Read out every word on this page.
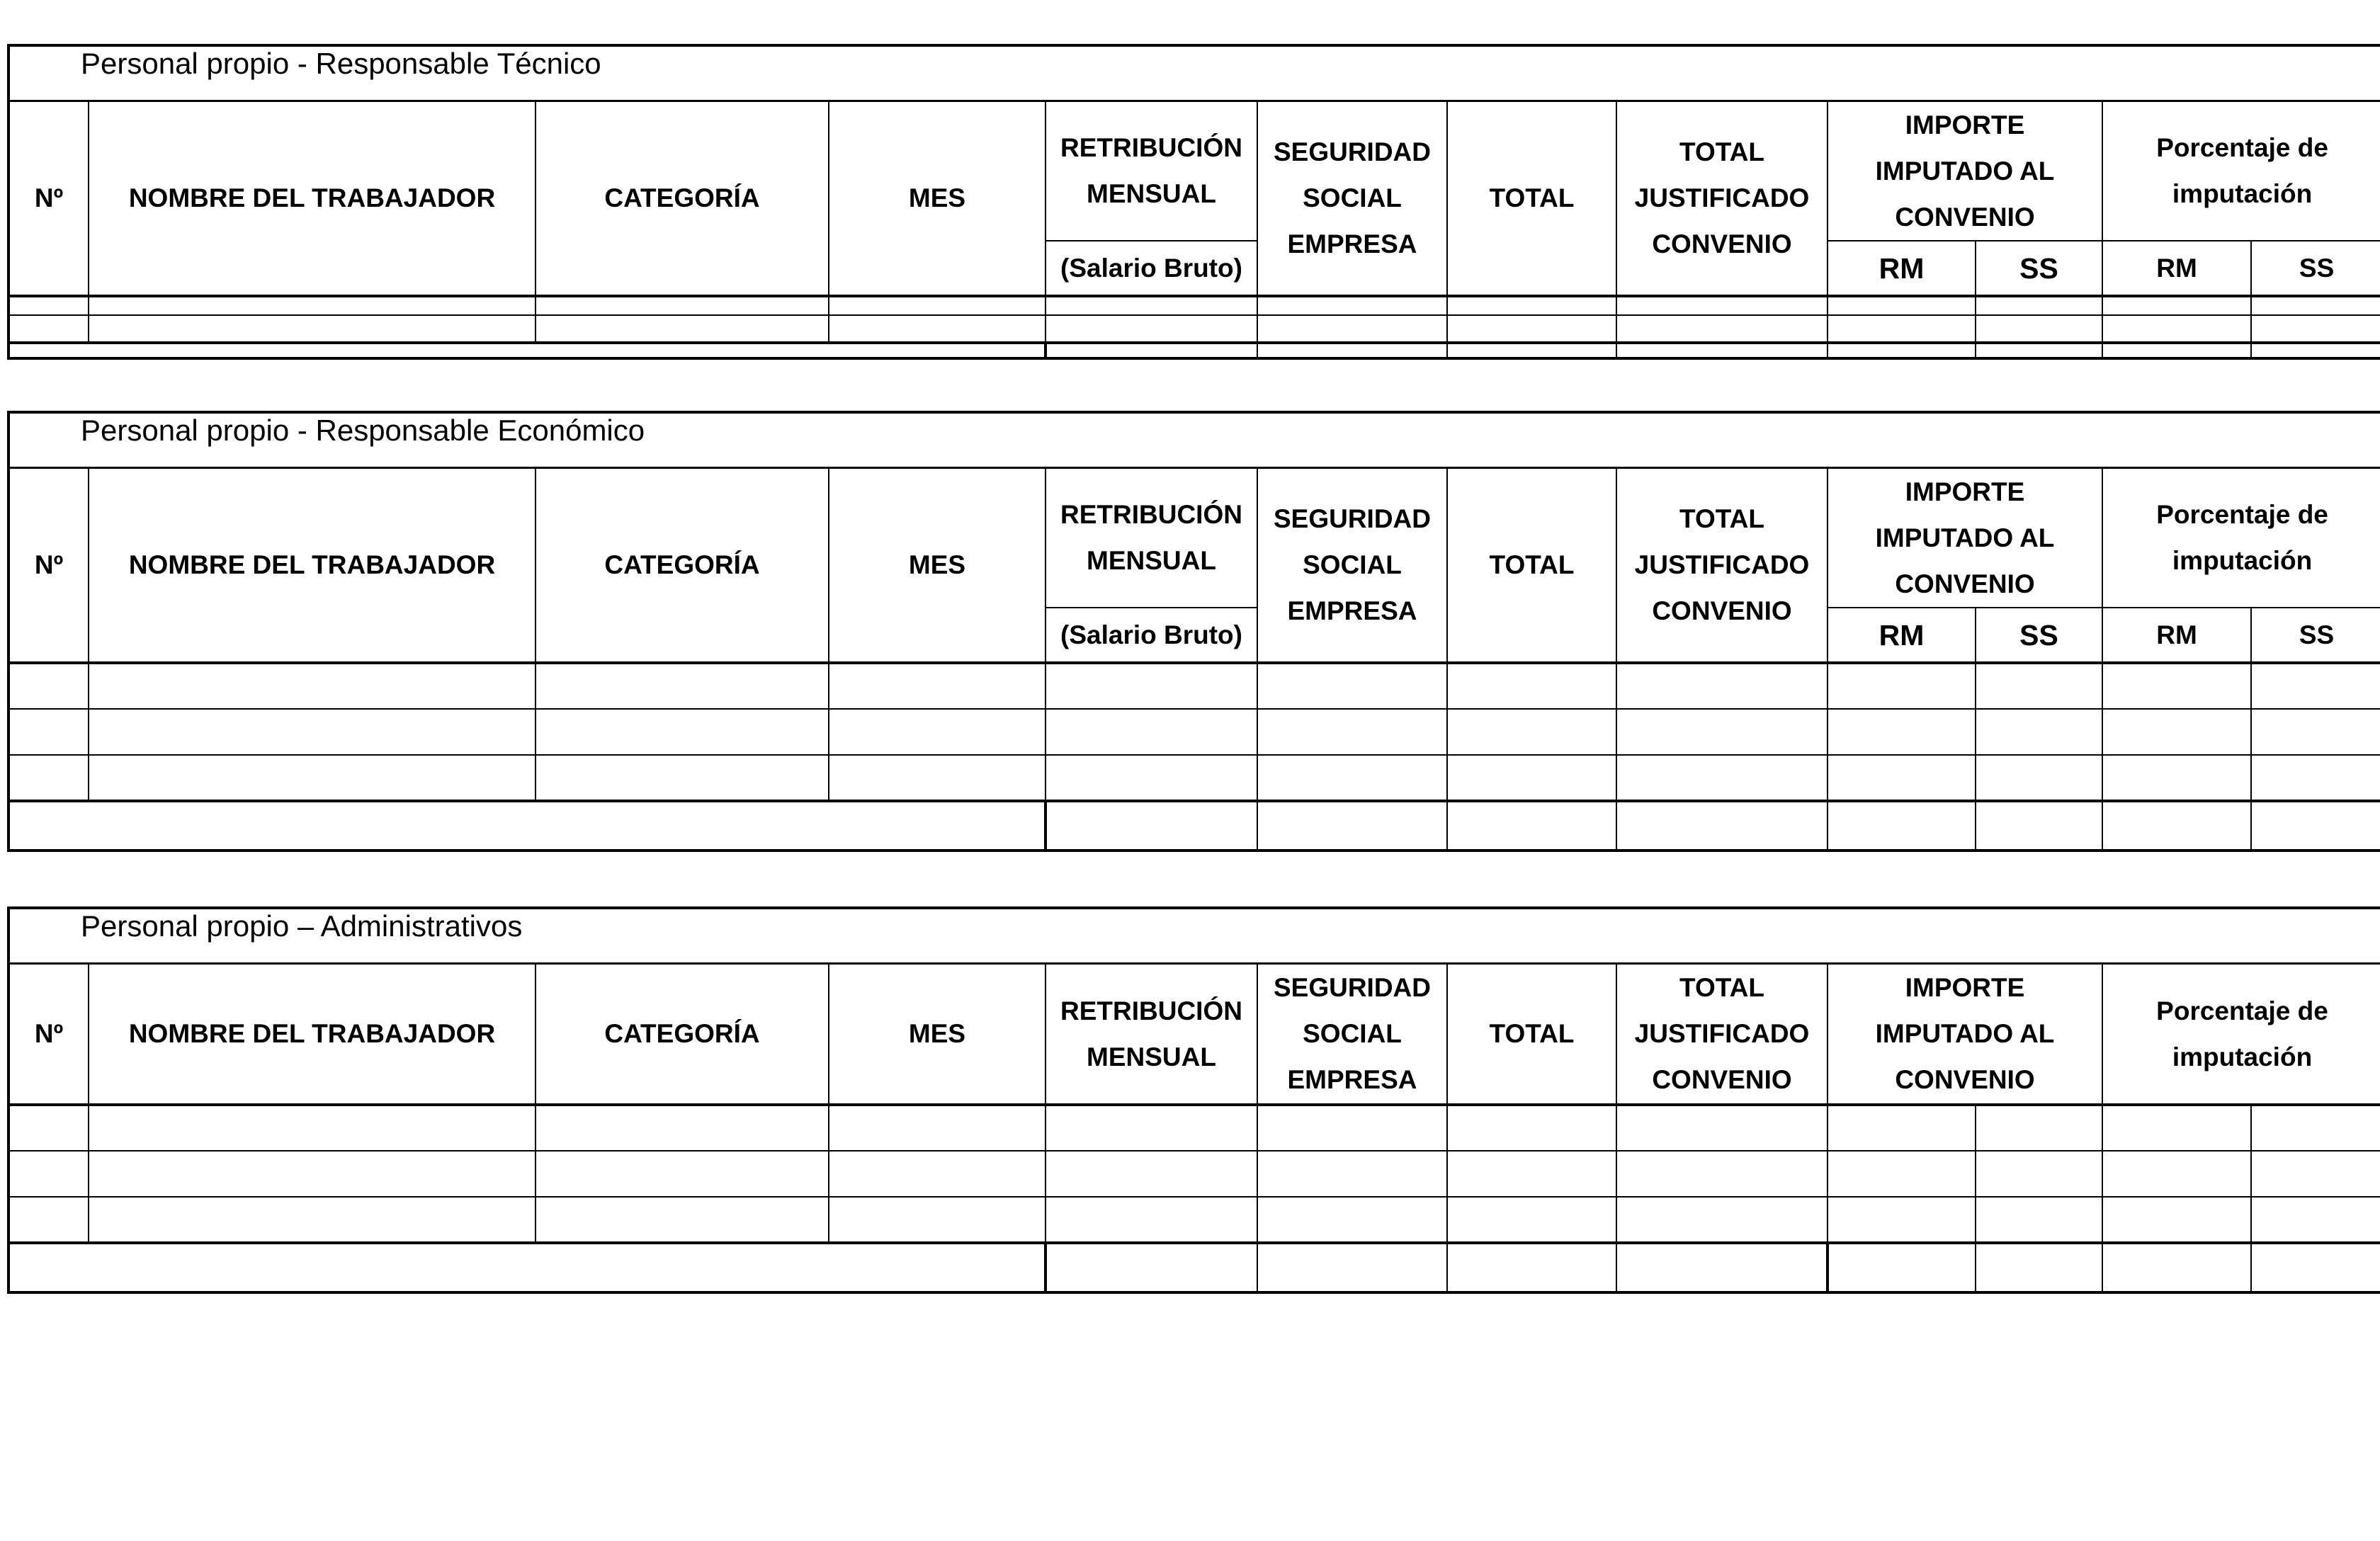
Personal propio - Responsable Técnico											
Nº	NOMBRE DEL TRABAJADOR	CATEGORÍA	MES	RETRIBUCIÓN MENSUAL	SEGURIDAD SOCIAL EMPRESA	TOTAL	TOTAL JUSTIFICADO CONVENIO	IMPORTE IMPUTADO AL CONVENIO		Porcentaje de imputación	
				(Salario Bruto)				RM	SS	RM	SS

Personal propio - Responsable Económico											
Nº	NOMBRE DEL TRABAJADOR	CATEGORÍA	MES	RETRIBUCIÓN MENSUAL	SEGURIDAD SOCIAL EMPRESA	TOTAL	TOTAL JUSTIFICADO CONVENIO	IMPORTE IMPUTADO AL CONVENIO		Porcentaje de imputación	
				(Salario Bruto)				RM	SS	RM	SS

Personal propio – Administrativos											
Nº	NOMBRE DEL TRABAJADOR	CATEGORÍA	MES	RETRIBUCIÓN MENSUAL	SEGURIDAD SOCIAL EMPRESA	TOTAL	TOTAL JUSTIFICADO CONVENIO	IMPORTE IMPUTADO AL CONVENIO		Porcentaje de imputación	
